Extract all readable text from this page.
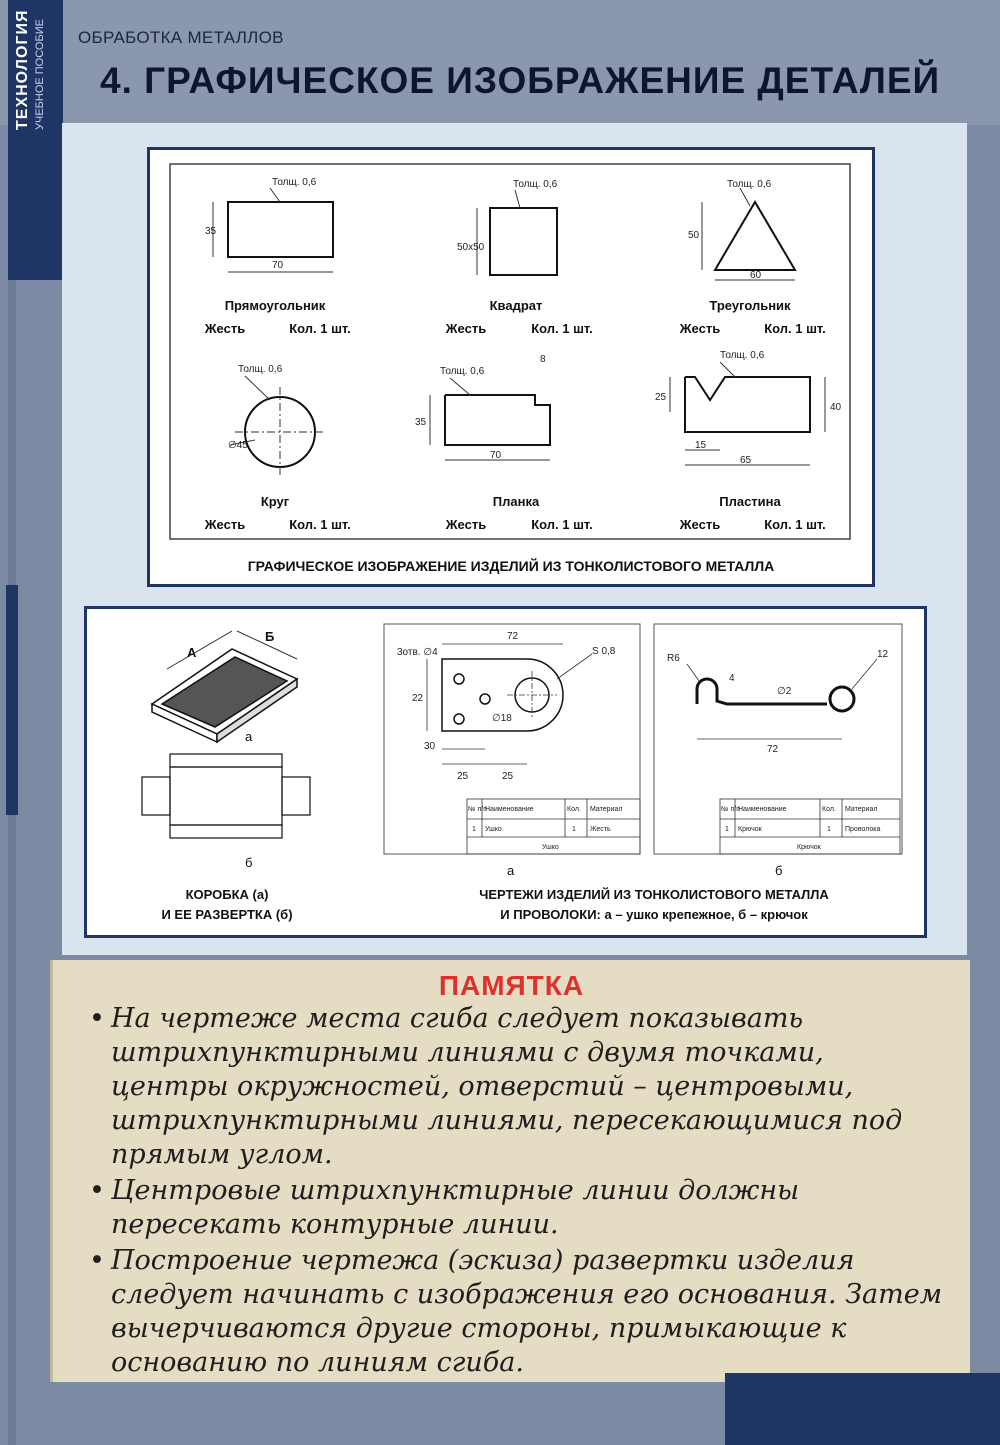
ТЕХНОЛОГИЯ УЧЕБНОЕ ПОСОБИЕ ОБРАБОТКА МЕТАЛЛОВ
4. ГРАФИЧЕСКОЕ ИЗОБРАЖЕНИЕ ДЕТАЛЕЙ
Толщ. 0,6	Толщ. 0,6	Толщ. 0,6
Толщ. 0,6	Толщ. 0,6
Толщ. 0,6
70
35
50х50
60
50
∅45
70
35
8
25
40
15
65
Прямоугольник
Жесть	Кол. 1 шт.
Квадрат
Жесть	Кол. 1 шт.
Треугольник
Жесть	Кол. 1 шт.
Круг
Жесть	Кол. 1 шт.
Планка
Жесть	Кол. 1 шт.
Пластина
Жесть	Кол. 1 шт.
ГРАФИЧЕСКОЕ ИЗОБРАЖЕНИЕ ИЗДЕЛИЙ ИЗ ТОНКОЛИСТОВОГО МЕТАЛЛА
А
Б
а
б
КОРОБКА (а)
И ЕЕ РАЗВЕРТКА (б)
72
S 0,8
22
∅18
30
25	25
3отв. ∅4
№ п/п
Наименование	Кол. Материал
1 Ушко	1 Жесть
Ушко
а
R6
4
∅2
72
12
№ п/п
Наименование	Кол. Материал
1 Крючок	1 Проволока
Крючок
б
ЧЕРТЕЖИ ИЗДЕЛИЙ ИЗ ТОНКОЛИСТОВОГО МЕТАЛЛА
И ПРОВОЛОКИ: а – ушко крепежное, б – крючок
ПАМЯТКА
• На чертеже места сгиба следует показывать штрихпунктирными линиями с двумя точками, центры окружностей, отверстий – центровыми, штрихпунктирными линиями, пересекающимися под прямым углом.
• Центровые штрихпунктирные линии должны пересекать контурные линии.
• Построение чертежа (эскиза) развертки изделия следует начинать с изображения его основания. Затем вычерчиваются другие стороны, примыкающие к основанию по линиям сгиба.
